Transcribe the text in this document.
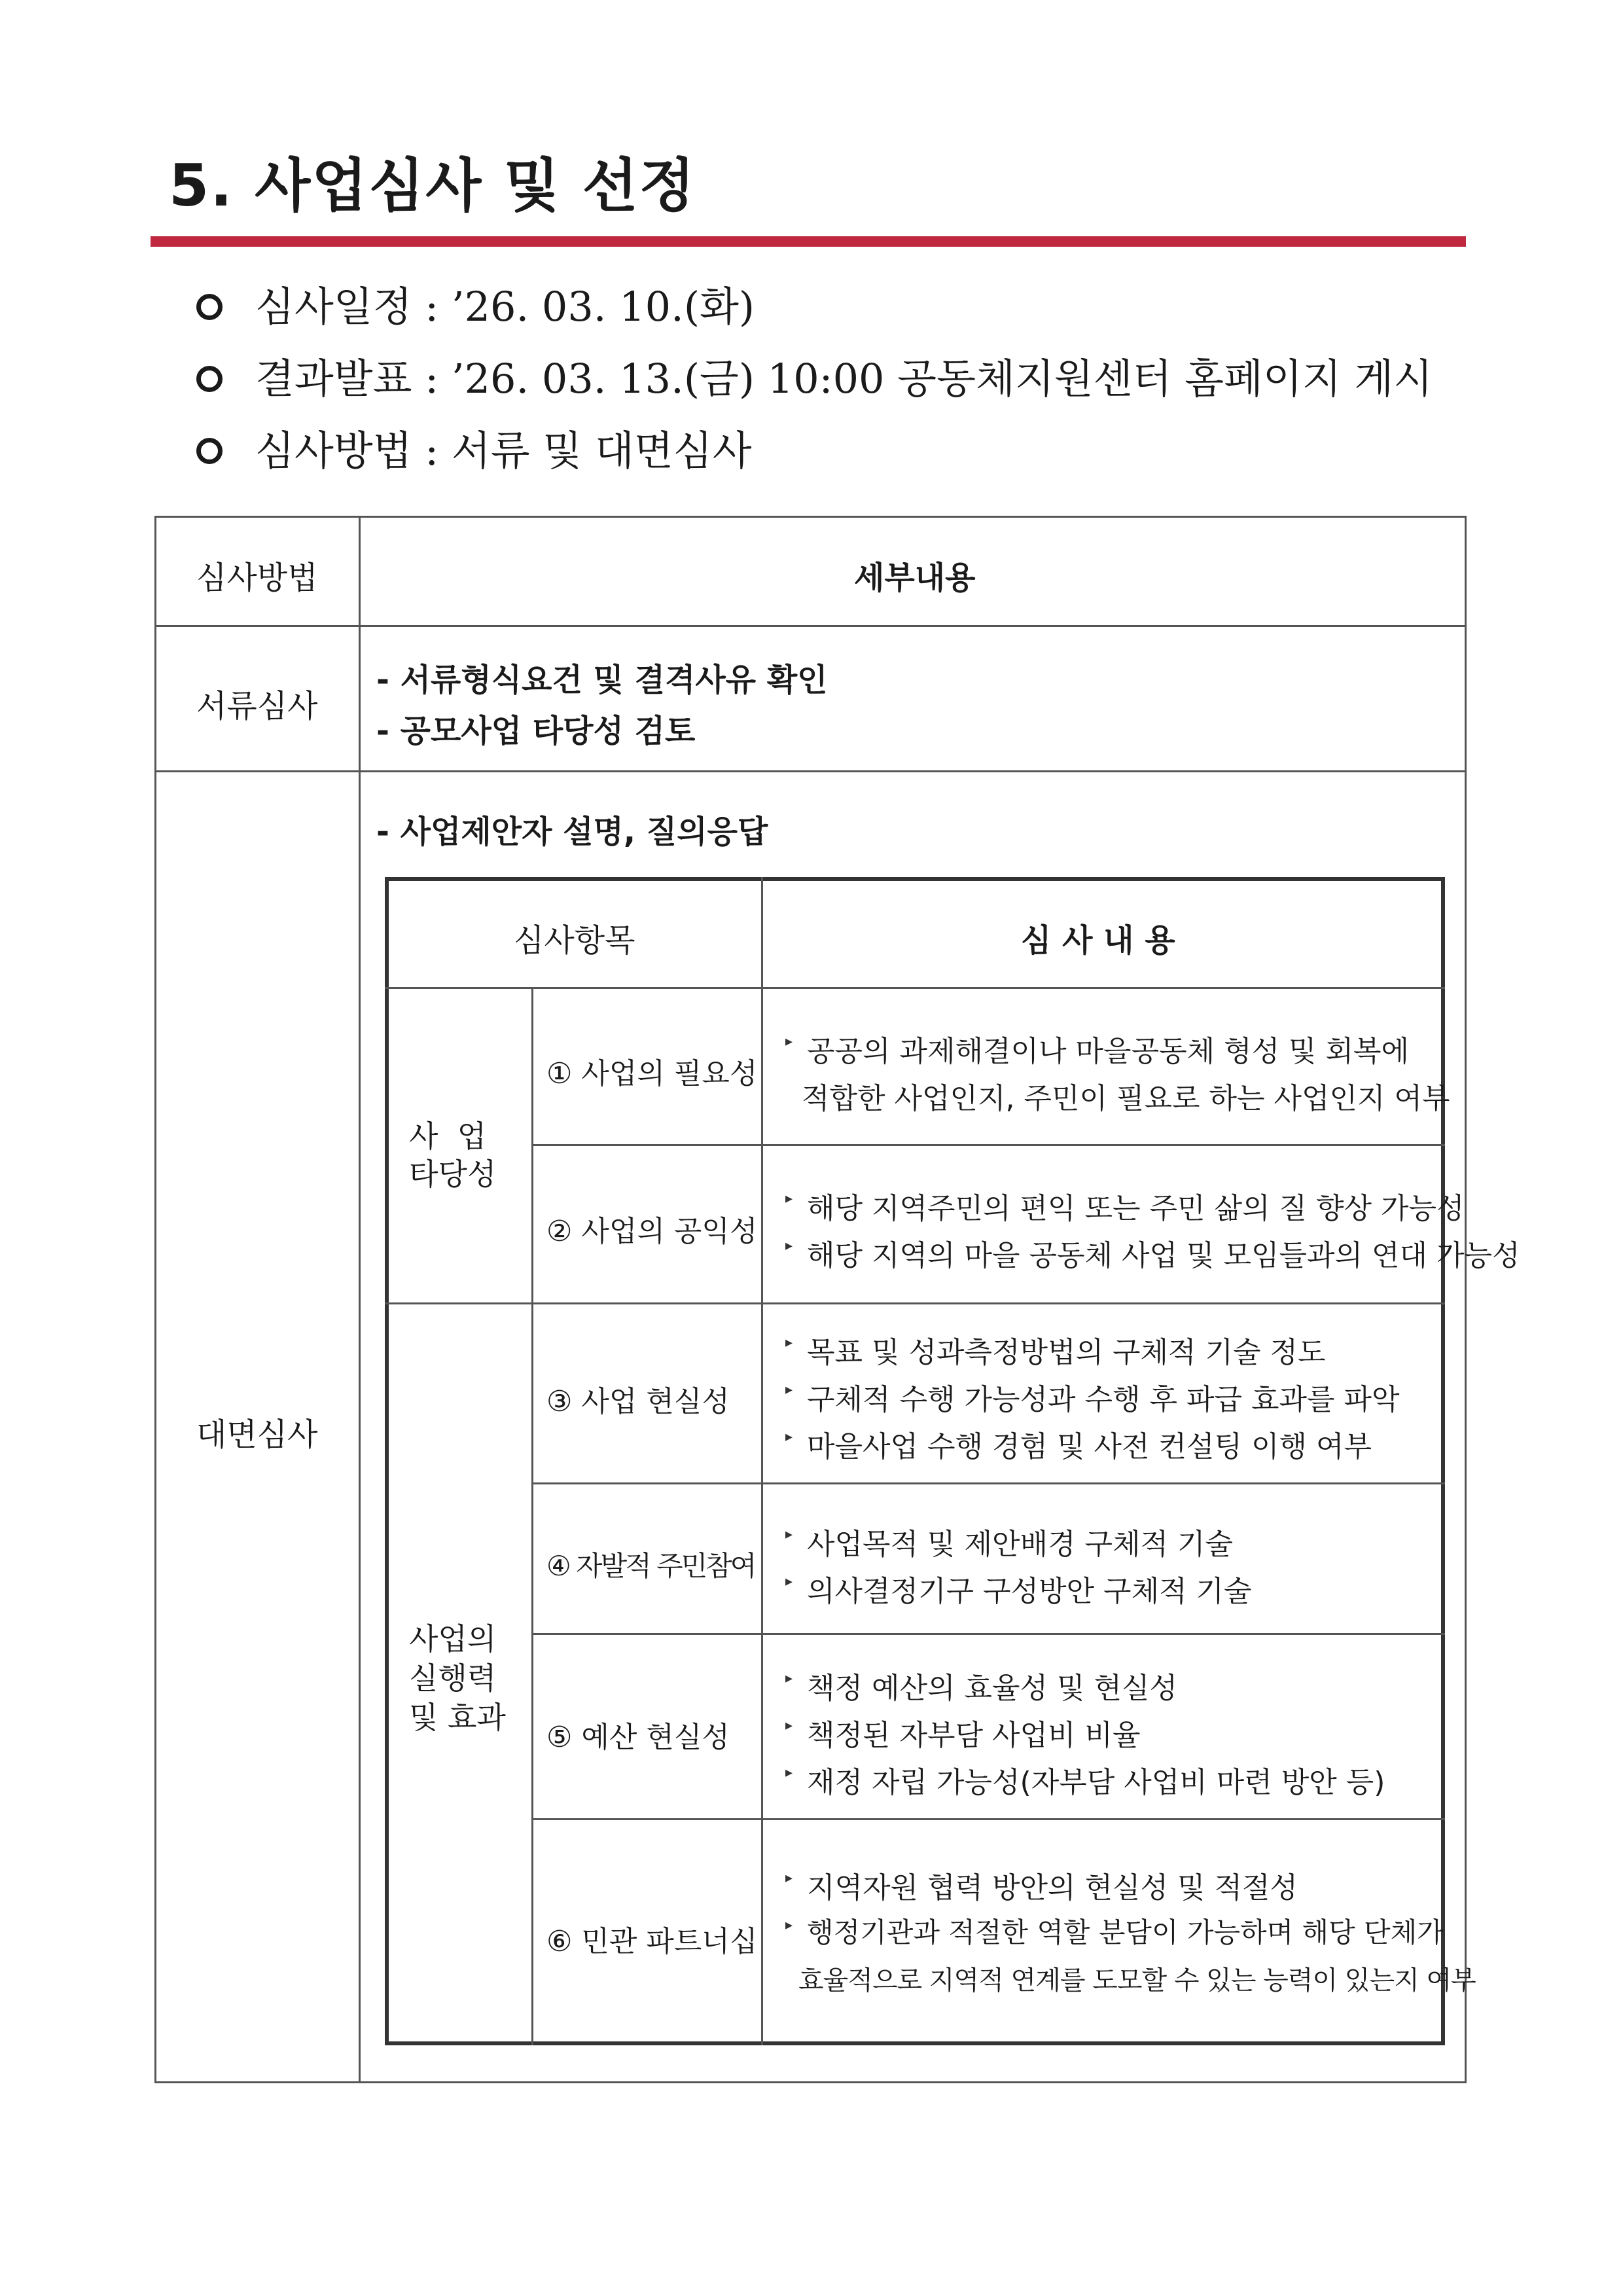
5. 사업심사 및 선정
심사일정 : ’26. 03. 10.(화)
결과발표 : ’26. 03. 13.(금) 10:00 공동체지원센터 홈페이지 게시
심사방법 : 서류 및 대면심사
심사방법	세부내용
서류심사
- 서류형식요건 및 결격사유 확인
- 공모사업 타당성 검토
대면심사
- 사업제안자 설명, 질의응답
심사항목	심 사 내 용
사  업
타당성
사업의
실행력
및 효과
① 사업의 필요성
② 사업의 공익성
③ 사업 현실성
④ 자발적 주민참여
⑤ 예산 현실성
⑥ 민관 파트너십
▸ 공공의 과제해결이나 마을공동체 형성 및 회복에
적합한 사업인지, 주민이 필요로 하는 사업인지 여부
▸ 해당 지역주민의 편익 또는 주민 삶의 질 향상 가능성
▸ 해당 지역의 마을 공동체 사업 및 모임들과의 연대 가능성
▸ 목표 및 성과측정방법의 구체적 기술 정도
▸ 구체적 수행 가능성과 수행 후 파급 효과를 파악
▸ 마을사업 수행 경험 및 사전 컨설팅 이행 여부
▸ 사업목적 및 제안배경 구체적 기술
▸ 의사결정기구 구성방안 구체적 기술
▸ 책정 예산의 효율성 및 현실성
▸ 책정된 자부담 사업비 비율
▸ 재정 자립 가능성(자부담 사업비 마련 방안 등)
▸ 지역자원 협력 방안의 현실성 및 적절성
▸ 행정기관과 적절한 역할 분담이 가능하며 해당 단체가
효율적으로 지역적 연계를 도모할 수 있는 능력이 있는지 여부
